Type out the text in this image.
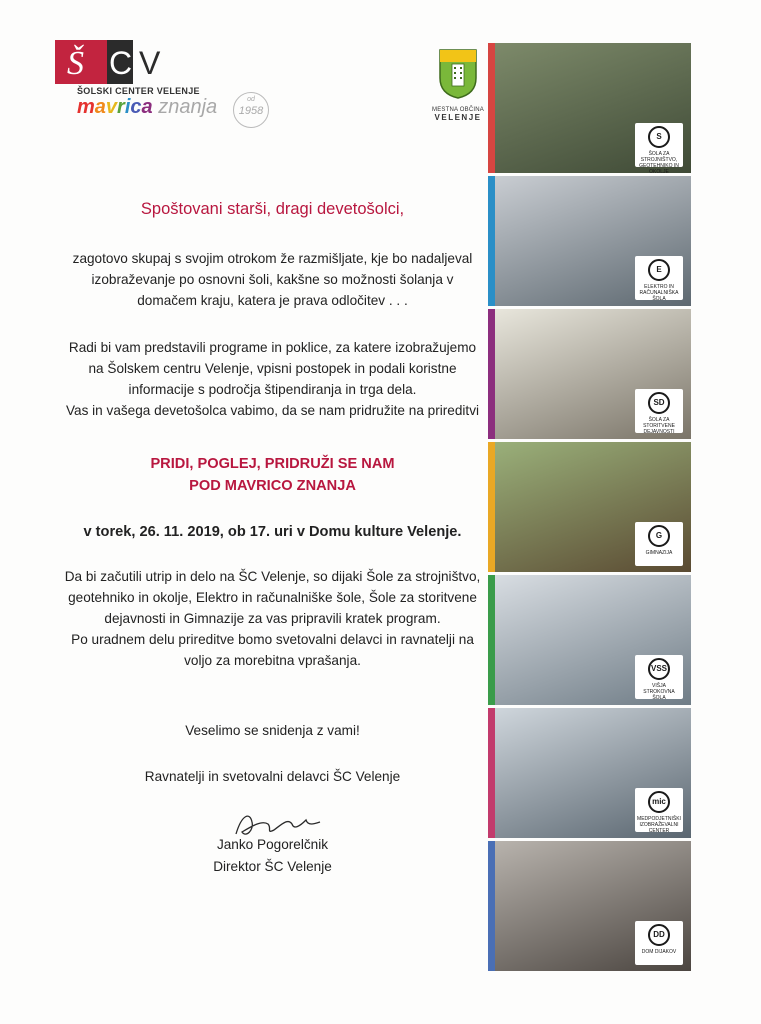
Š C V
ŠOLSKI CENTER VELENJE
mavrica znanja	od
1958	MESTNA OBČINA
VELENJE
Spoštovani starši, dragi devetošolci,
zagotovo skupaj s svojim otrokom že razmišljate, kje bo nadaljeval izobraževanje po osnovni šoli, kakšne so možnosti šolanja v domačem kraju, katera je prava odločitev . . .
Radi bi vam predstavili programe in poklice, za katere izobražujemo na Šolskem centru Velenje, vpisni postopek in podali koristne informacije s področja štipendiranja in trga dela.
Vas in vašega devetošolca vabimo, da se nam pridružite na prireditvi
PRIDI, POGLEJ, PRIDRUŽI SE NAM
POD MAVRICO ZNANJA
v torek, 26. 11. 2019, ob 17. uri v Domu kulture Velenje.
Da bi začutili utrip in delo na ŠC Velenje, so dijaki Šole za strojništvo, geotehniko in okolje, Elektro in računalniške šole, Šole za storitvene dejavnosti in Gimnazije za vas pripravili kratek program.
Po uradnem delu prireditve bomo svetovalni delavci in ravnatelji na voljo za morebitna vprašanja.
Veselimo se snidenja z vami!
Ravnatelji in svetovalni delavci ŠC Velenje
Janko Pogorelčnik
Direktor ŠC Velenje
S
ŠOLA ZA STROJNIŠTVO, GEOTEHNIKO IN OKOLJE
E
ELEKTRO IN RAČUNALNIŠKA ŠOLA
SD
ŠOLA ZA STORITVENE DEJAVNOSTI
G
GIMNAZIJA
VSS
VIŠJA STROKOVNA ŠOLA
mic
MEDPODJETNIŠKI IZOBRAŽEVALNI CENTER
DD
DOM DIJAKOV
